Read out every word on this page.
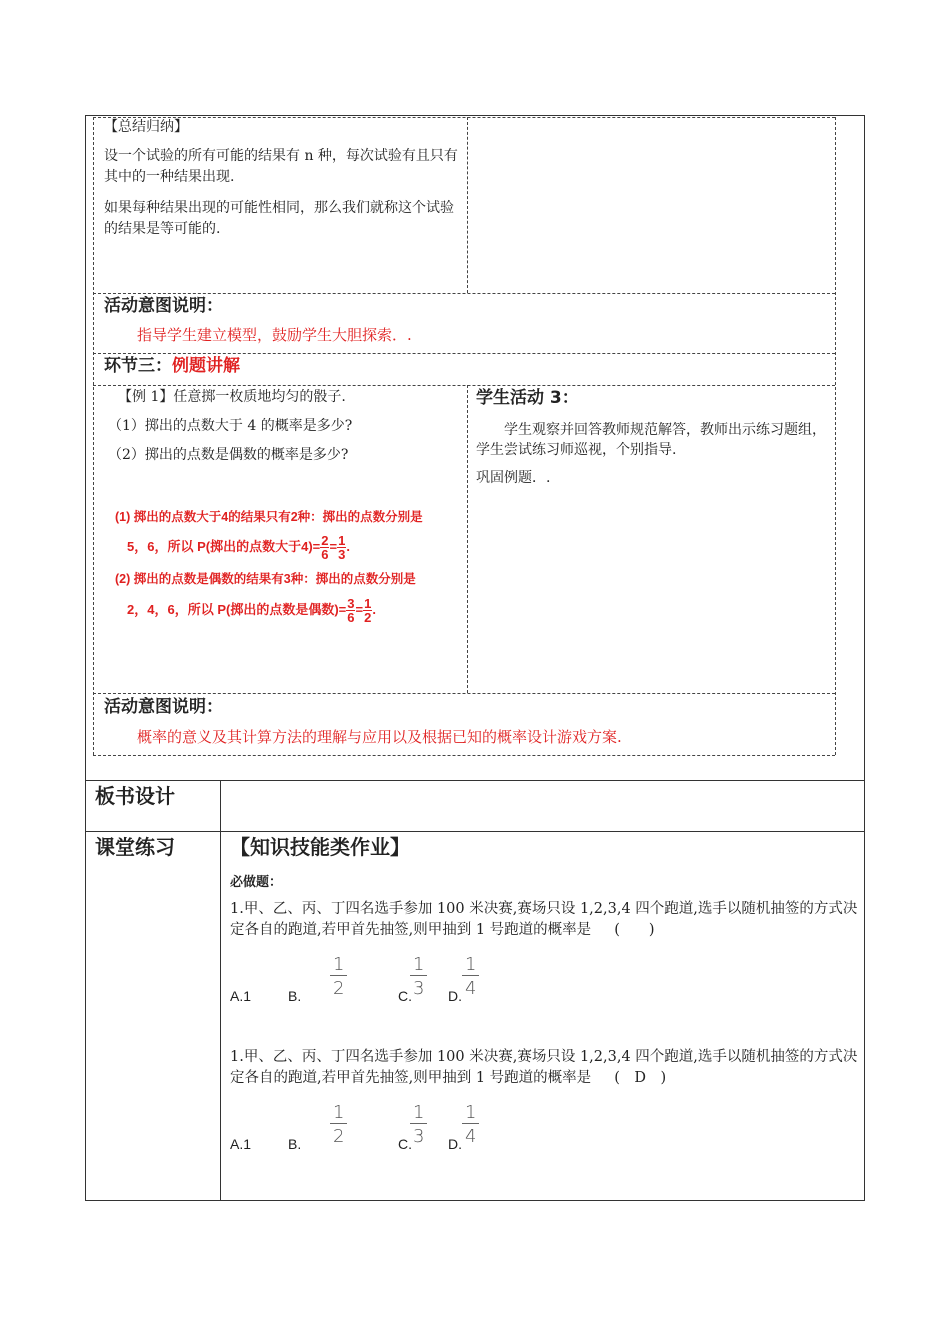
【总结归纳】
设一个试验的所有可能的结果有 n 种，每次试验有且只有其中的一种结果出现.
如果每种结果出现的可能性相同，那么我们就称这个试验的结果是等可能的.
活动意图说明：
指导学生建立模型，鼓励学生大胆探索．.
环节三：例题讲解
【例 1】任意掷一枚质地均匀的骰子.
（1）掷出的点数大于 4 的概率是多少?
（2）掷出的点数是偶数的概率是多少?
(1) 掷出的点数大于4的结果只有2种：掷出的点数分别是
5，6，所以 P(掷出的点数大于$4)= \frac{2}{6} = \frac{1}{3}$ .
(2) 掷出的点数是偶数的结果有3种：掷出的点数分别是
2，4，6，所以 P(掷出的点数是偶数)= $\frac{3}{6} = \frac{1}{2}$ .
学生活动 3：
学生观察并回答教师规范解答，教师出示练习题组，学生尝试练习师巡视，个别指导.
巩固例题．.
活动意图说明：
概率的意义及其计算方法的理解与应用以及根据已知的概率设计游戏方案.
板书设计
课堂练习	【知识技能类作业】
必做题：
1.甲、乙、丙、丁四名选手参加 100 米决赛,赛场只设 1,2,3,4 四个跑道,选手以随机抽签的方式决定各自的跑道,若甲首先抽签,则甲抽到 1 号跑道的概率是 (　　)
A.1	B.
1
2	C.
1
3 D.
1
4
1.甲、乙、丙、丁四名选手参加 100 米决赛,赛场只设 1,2,3,4 四个跑道,选手以随机抽签的方式决定各自的跑道,若甲首先抽签,则甲抽到 1 号跑道的概率是 (　D　)
A.1	B.
1
2	C.
1
3 D.
1
4
